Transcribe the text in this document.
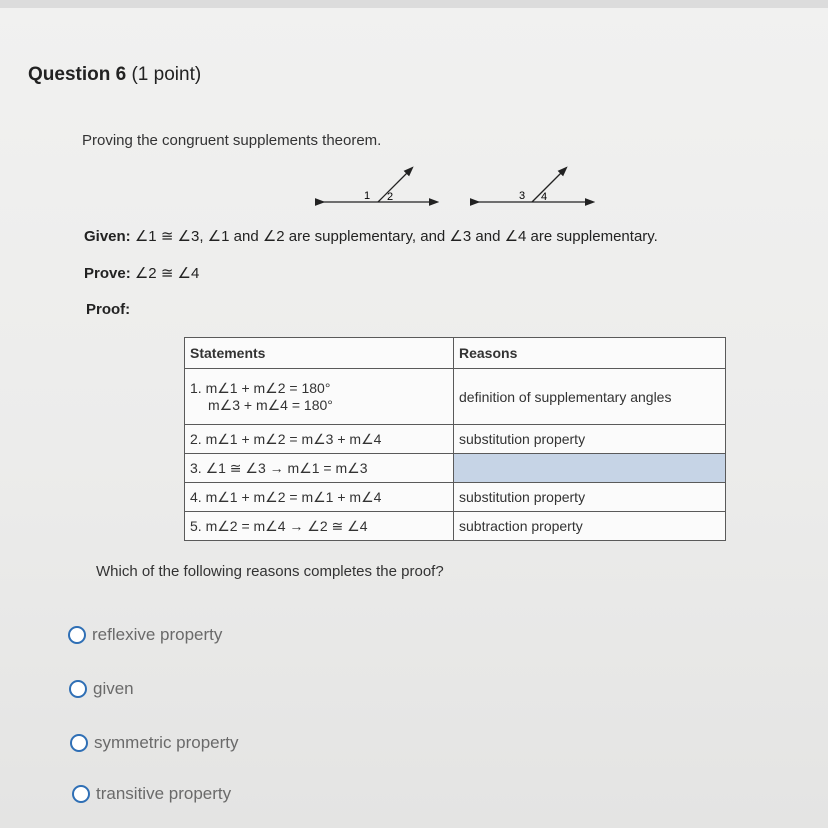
Question 6 (1 point)
Proving the congruent supplements theorem.
1 2	3 4
Given: ∠1 ≅ ∠3, ∠1 and ∠2 are supplementary, and ∠3 and ∠4 are supplementary.
Prove: ∠2 ≅ ∠4
Proof:
Statements	Reasons

1. m∠1 + m∠2 = 180°
m∠3 + m∠4 = 180°	definition of supplementary angles
2. m∠1 + m∠2 = m∠3 + m∠4	substitution property
3. ∠1 ≅ ∠3 → m∠1 = m∠3	
4. m∠1 + m∠2 = m∠1 + m∠4	substitution property
5. m∠2 = m∠4 → ∠2 ≅ ∠4	subtraction property
Which of the following reasons completes the proof?
reflexive property
given
symmetric property
transitive property
